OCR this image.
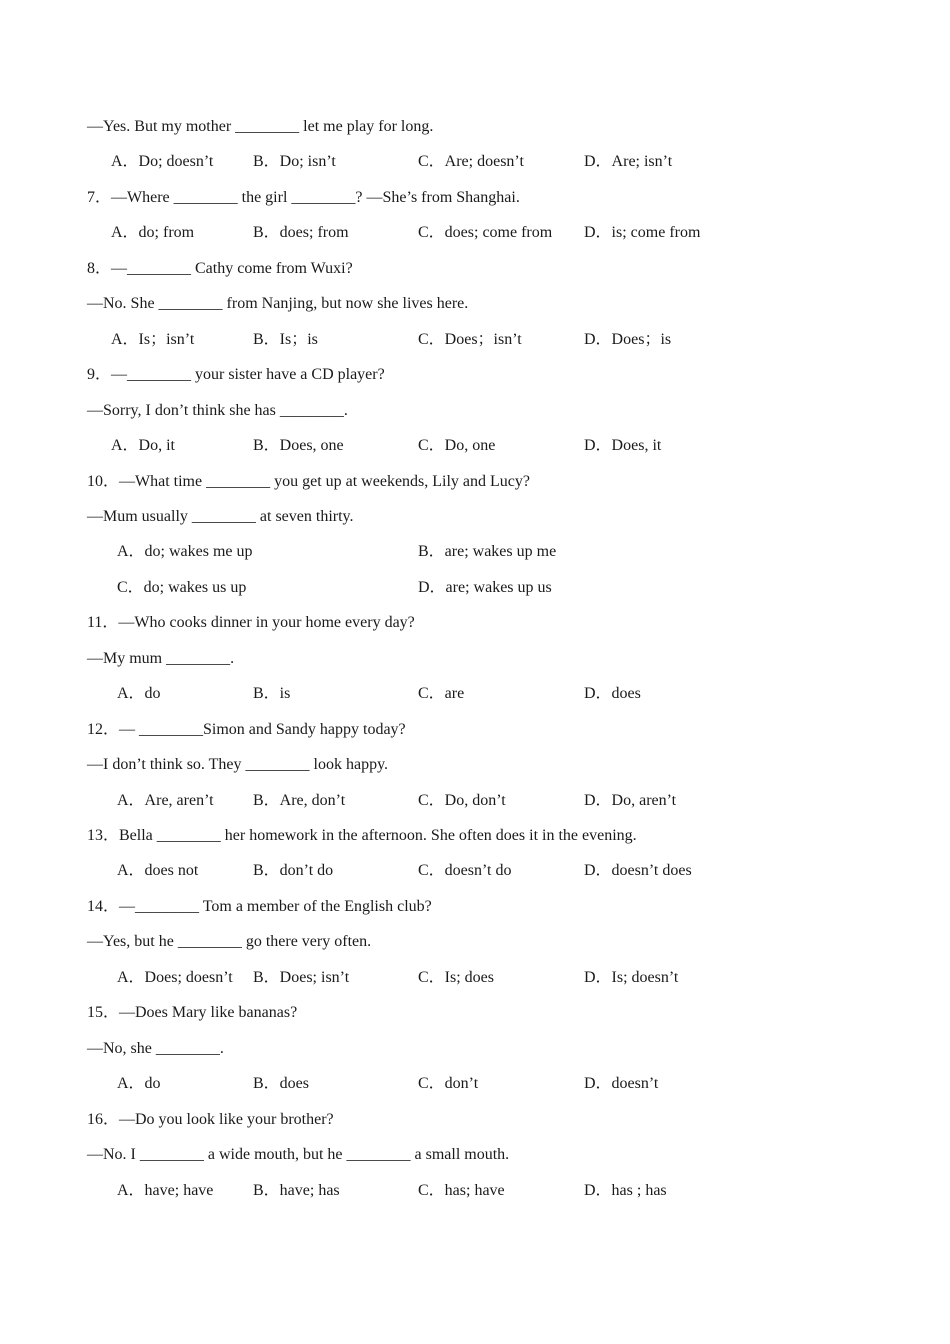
—Yes. But my mother ________ let me play for long.
A．Do; doesn’t B．Do; isn’t	C．Are; doesn’t	D．Are; isn’t
7．—Where ________ the girl ________? —She’s from Shanghai.
A．do; from	B．does; from	C．does; come from D．is; come from
8．—________ Cathy come from Wuxi?
—No. She ________ from Nanjing, but now she lives here.
A．Is；isn’t	B．Is；is	C．Does；isn’t	D．Does；is
9．—________ your sister have a CD player?
—Sorry, I don’t think she has ________.
A．Do, it	B．Does, one	C．Do, one	D．Does, it
10．—What time ________ you get up at weekends, Lily and Lucy?
—Mum usually ________ at seven thirty.
A．do; wakes me up	B．are; wakes up me
C．do; wakes us up	D．are; wakes up us
11．—Who cooks dinner in your home every day?
—My mum ________.
A．do	B．is	C．are	D．does
12．— ________Simon and Sandy happy today?
—I don’t think so. They ________ look happy.
A．Are, aren’t B．Are, don’t	C．Do, don’t	D．Do, aren’t
13．Bella ________ her homework in the afternoon. She often does it in the evening.
A．does not	B．don’t do	C．doesn’t do	D．doesn’t does
14．—________ Tom a member of the English club?
—Yes, but he ________ go there very often.
A．Does; doesn’t B．Does; isn’t	C．Is; does	D．Is; doesn’t
15．—Does Mary like bananas?
—No, she ________.
A．do	B．does	C．don’t	D．doesn’t
16．—Do you look like your brother?
—No. I ________ a wide mouth, but he ________ a small mouth.
A．have; have B．have; has	C．has; have	D．has ; has
